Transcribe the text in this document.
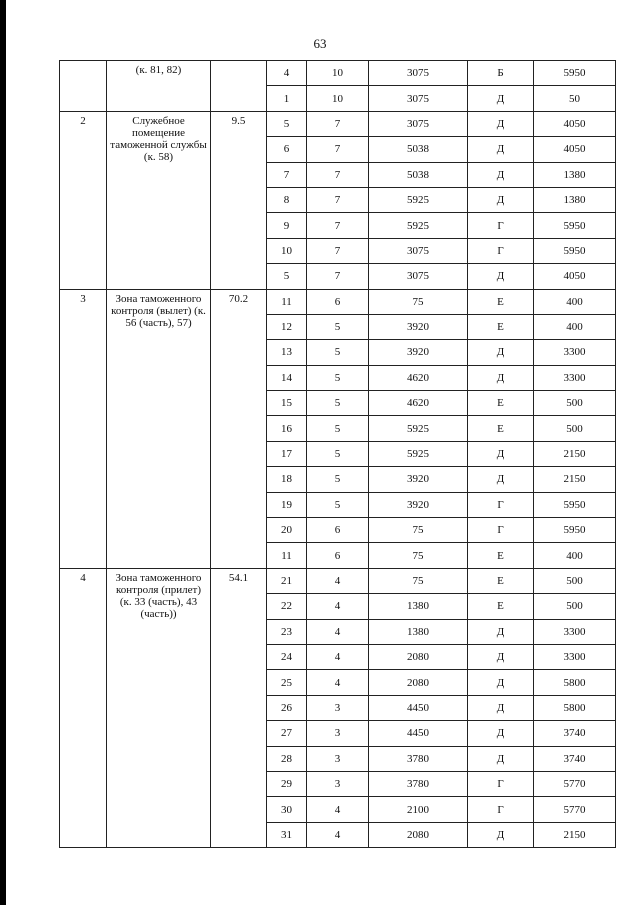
63
	(к. 81, 82)		4	10	3075	Б	5950
			1	10	3075	Д	50
2	Служебное помещение таможенной службы (к. 58)	9.5	5	7	3075	Д	4050
			6	7	5038	Д	4050
			7	7	5038	Д	1380
			8	7	5925	Д	1380
			9	7	5925	Г	5950
			10	7	3075	Г	5950
			5	7	3075	Д	4050
3	Зона таможенного контроля (вылет) (к. 56 (часть), 57)	70.2	11	6	75	Е	400
			12	5	3920	Е	400
			13	5	3920	Д	3300
			14	5	4620	Д	3300
			15	5	4620	Е	500
			16	5	5925	Е	500
			17	5	5925	Д	2150
			18	5	3920	Д	2150
			19	5	3920	Г	5950
			20	6	75	Г	5950
			11	6	75	Е	400
4	Зона таможенного контроля (прилет) (к. 33 (часть), 43 (часть))	54.1	21	4	75	Е	500
			22	4	1380	Е	500
			23	4	1380	Д	3300
			24	4	2080	Д	3300
			25	4	2080	Д	5800
			26	3	4450	Д	5800
			27	3	4450	Д	3740
			28	3	3780	Д	3740
			29	3	3780	Г	5770
			30	4	2100	Г	5770
			31	4	2080	Д	2150
